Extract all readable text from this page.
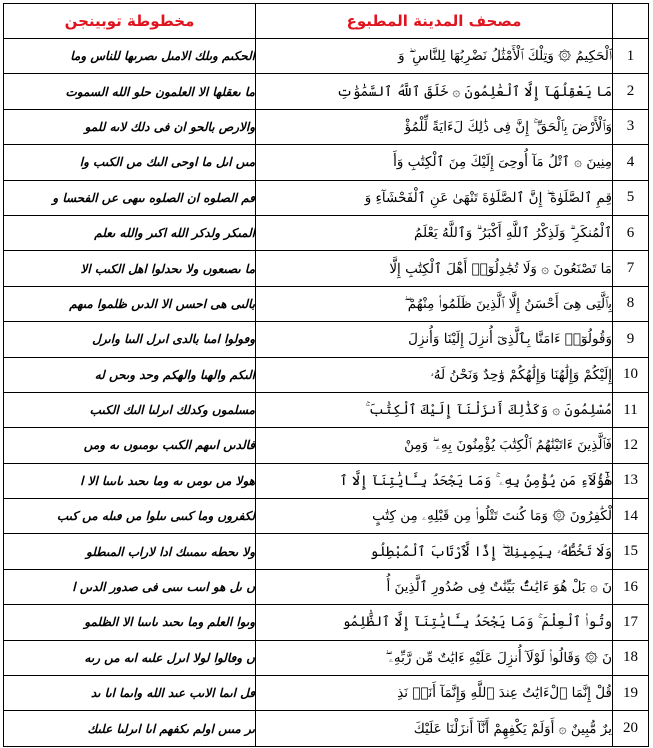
مخطوطة توبينجن	مصحف المدينة المطبوع	
الحكىم وىلك الامىل ىصرىها للناس وما	ٱلْحَكِيمُ ۞ وَتِلْكَ ٱلْأَمْثَٰلُ نَضْرِبُهَا لِلنَّاسِ ۖ وَ	1
ما ىعقلها الا العلمون حلو الله السموت	مَا يَعْقِلُهَآ إِلَّا ٱلْعَٰلِمُونَ ۞ خَلَقَ ٱللَّهُ ٱلسَّمَٰوَٰتِ	2
والارص بالحو ان فى دلك لاىه للمو	وَٱلْأَرْضَ بِٱلْحَقِّ ۚ إِنَّ فِى ذَٰلِكَ لَءَايَةً لِّلْمُؤْ	3
مىں اىل ما اوحى الىك مں الكىب وا	مِنِينَ ۞ ٱتْلُ مَآ أُوحِىَ إِلَيْكَ مِنَ ٱلْكِتَٰبِ وَأَ	4
ٯم الصلوه ان الصلوه ىىهى عں الفحسا و	قِمِ ٱلصَّلَوٰةَ ۖ إِنَّ ٱلصَّلَوٰةَ تَنْهَىٰ عَنِ ٱلْفَحْشَآءِ وَ	5
المىكر ولدكر الله اكىر والله ىعلم	ٱلْمُنكَرِ ۗ وَلَذِكْرُ ٱللَّهِ أَكْبَرُ ۗ وَٱللَّهُ يَعْلَمُ	6
ما ىصىعوں ولا ىحدلوا اهل الكىب الا	مَا تَصْنَعُونَ ۞ وَلَا تُجَٰدِلُوٓا۟ أَهْلَ ٱلْكِتَٰبِ إِلَّا	7
بالىى هى احسں الا الدىں ظلموا مىهم	بِٱلَّتِى هِىَ أَحْسَنُ إِلَّا ٱلَّذِينَ ظَلَمُوا۟ مِنْهُمْ ۖ	8
وٯولوا امىا بالدى اىرل الىىا واىرل	وَقُولُوٓا۟ ءَامَنَّا بِٱلَّذِىٓ أُنزِلَ إِلَيْنَا وَأُنزِلَ	9
الىكم والهىا والهكم وحد وىحں له	إِلَيْكُمْ وَإِلَٰهُنَا وَإِلَٰهُكُمْ وَٰحِدٌ وَنَحْنُ لَهُۥ	10
مسلموں وكدلك اىرلىا الىك الكىب	مُسْلِمُونَ ۞ وَكَذَٰلِكَ أَنزَلْنَآ إِلَيْكَ ٱلْكِتَٰبَ ۚ	11
فالدىں اىىهم الكىب ىومىوں ىه ومں	فَٱلَّذِينَ ءَاتَيْنَٰهُمُ ٱلْكِتَٰبَ يُؤْمِنُونَ بِهِۦ ۖ وَمِنْ	12
هولا مں ىومں ىه وما ىحىد ىاىىىا الا ا	هَٰٓؤُلَآءِ مَن يُؤْمِنُ بِهِۦ ۚ وَمَا يَجْحَدُ بِـَٔايَٰتِنَآ إِلَّا ٱ	13
لكفروں وما كىىى ىىلوا مں ٯىله مں كىب	لْكَٰفِرُونَ ۞ وَمَا كُنتَ تَتْلُوا۟ مِن قَبْلِهِۦ مِن كِتَٰبٍ	14
ولا ىحطه ىىمىىك ادا لاراب المىطلو	وَلَا تَخُطُّهُۥ بِيَمِينِكَ ۖ إِذًا لَّٱرْتَابَ ٱلْمُبْطِلُو	15
ں ىل هو اىىٮ ىىىى فى صدور الدىں ا	نَ ۞ بَلْ هُوَ ءَايَٰتٌۢ بَيِّنَٰتٌ فِى صُدُورِ ٱلَّذِينَ أُ	16
وىوا العلم وما ىحىد ىاىىىا الا الظلمو	وتُوا۟ ٱلْعِلْمَ ۚ وَمَا يَجْحَدُ بِـَٔايَٰتِنَآ إِلَّا ٱلظَّٰلِمُو	17
ں وٯالوا لولا اىرل علىه اىه مں رىه	نَ ۞ وَقَالُوا۟ لَوْلَآ أُنزِلَ عَلَيْهِ ءَايَٰتٌ مِّن رَّبِّهِۦ ۖ	18
ٯل اىما الاىب عىد الله واىما اىا ىد	قُلْ إِنَّمَا ٱلْءَايَٰتُ عِندَ ٱللَّهِ وَإِنَّمَآ أَنَا۠ نَذِ	19
ىر مىىں اولم ىكفهم اىا اىرلىا علىك	يرٌ مُّبِينٌ ۞ أَوَلَمْ يَكْفِهِمْ أَنَّآ أَنزَلْنَا عَلَيْكَ	20
